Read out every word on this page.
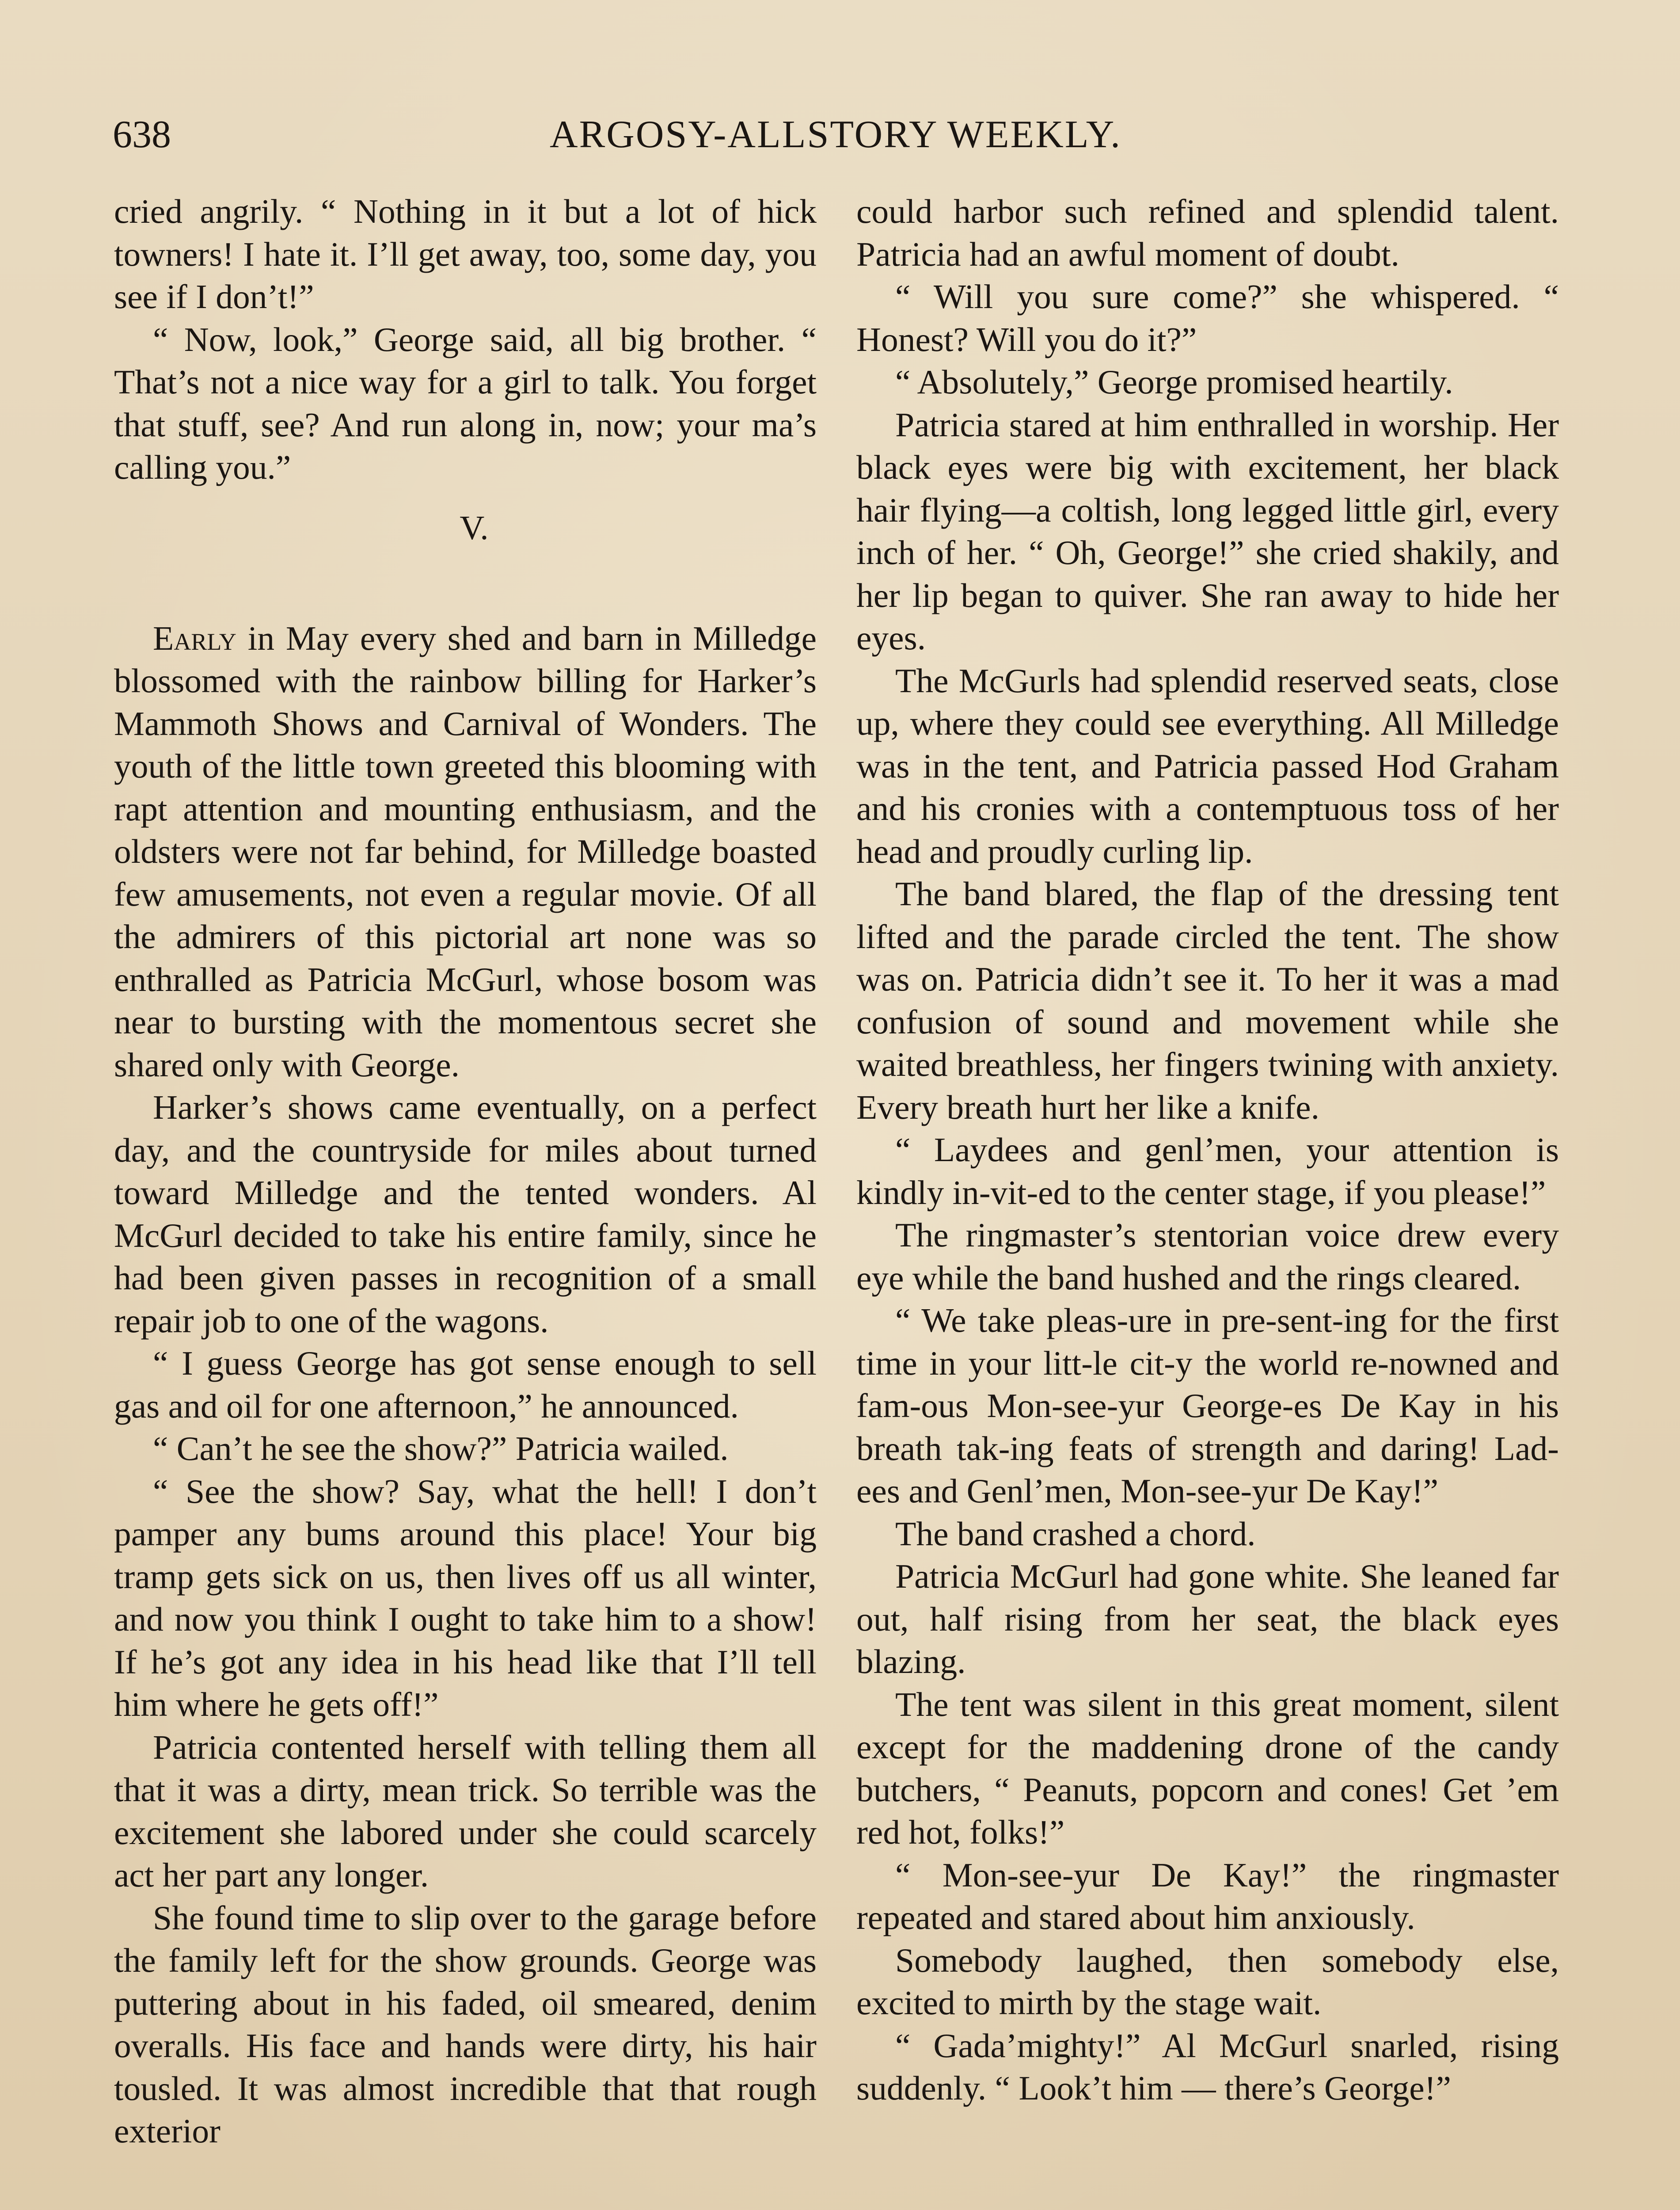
638	ARGOSY-ALLSTORY WEEKLY.

cried angrily. “ Nothing in it but a lot of hick towners! I hate it. I’ll get away, too, some day, you see if I don’t!”

“ Now, look,” George said, all big brother. “ That’s not a nice way for a girl to talk. You forget that stuff, see? And run along in, now; your ma’s calling you.”

V.

Early in May every shed and barn in Milledge blossomed with the rainbow billing for Harker’s Mammoth Shows and Carnival of Wonders. The youth of the little town greeted this blooming with rapt attention and mounting enthusiasm, and the oldsters were not far behind, for Milledge boasted few amusements, not even a regular movie. Of all the admirers of this pictorial art none was so enthralled as Patricia McGurl, whose bosom was near to bursting with the momentous secret she shared only with George.

Harker’s shows came eventually, on a perfect day, and the countryside for miles about turned toward Milledge and the tented wonders. Al McGurl decided to take his entire family, since he had been given passes in recognition of a small repair job to one of the wagons.

“ I guess George has got sense enough to sell gas and oil for one afternoon,” he announced.

“ Can’t he see the show?” Patricia wailed.

“ See the show? Say, what the hell! I don’t pamper any bums around this place! Your big tramp gets sick on us, then lives off us all winter, and now you think I ought to take him to a show! If he’s got any idea in his head like that I’ll tell him where he gets off!”

Patricia contented herself with telling them all that it was a dirty, mean trick. So terrible was the excitement she labored under she could scarcely act her part any longer.

She found time to slip over to the garage before the family left for the show grounds. George was puttering about in his faded, oil smeared, denim overalls. His face and hands were dirty, his hair tousled. It was almost incredible that that rough exterior

could harbor such refined and splendid talent. Patricia had an awful moment of doubt.

“ Will you sure come?” she whispered. “ Honest? Will you do it?”

“ Absolutely,” George promised heartily.

Patricia stared at him enthralled in worship. Her black eyes were big with excitement, her black hair flying—a coltish, long legged little girl, every inch of her. “ Oh, George!” she cried shakily, and her lip began to quiver. She ran away to hide her eyes.

The McGurls had splendid reserved seats, close up, where they could see everything. All Milledge was in the tent, and Patricia passed Hod Graham and his cronies with a contemptuous toss of her head and proudly curling lip.

The band blared, the flap of the dressing tent lifted and the parade circled the tent. The show was on. Patricia didn’t see it. To her it was a mad confusion of sound and movement while she waited breathless, her fingers twining with anxiety. Every breath hurt her like a knife.

“ Laydees and genl’men, your attention is kindly in-vit-ed to the center stage, if you please!”

The ringmaster’s stentorian voice drew every eye while the band hushed and the rings cleared.

“ We take pleas-ure in pre-sent-ing for the first time in your litt-le cit-y the world re-nowned and fam-ous Mon-see-yur George-es De Kay in his breath tak-ing feats of strength and daring! Lad-ees and Genl’men, Mon-see-yur De Kay!”

The band crashed a chord.

Patricia McGurl had gone white. She leaned far out, half rising from her seat, the black eyes blazing.

The tent was silent in this great moment, silent except for the maddening drone of the candy butchers, “ Peanuts, popcorn and cones! Get ’em red hot, folks!”

“ Mon-see-yur De Kay!” the ringmaster repeated and stared about him anxiously.

Somebody laughed, then somebody else, excited to mirth by the stage wait.

“ Gada’mighty!” Al McGurl snarled, rising suddenly. “ Look’t him — there’s George!”
